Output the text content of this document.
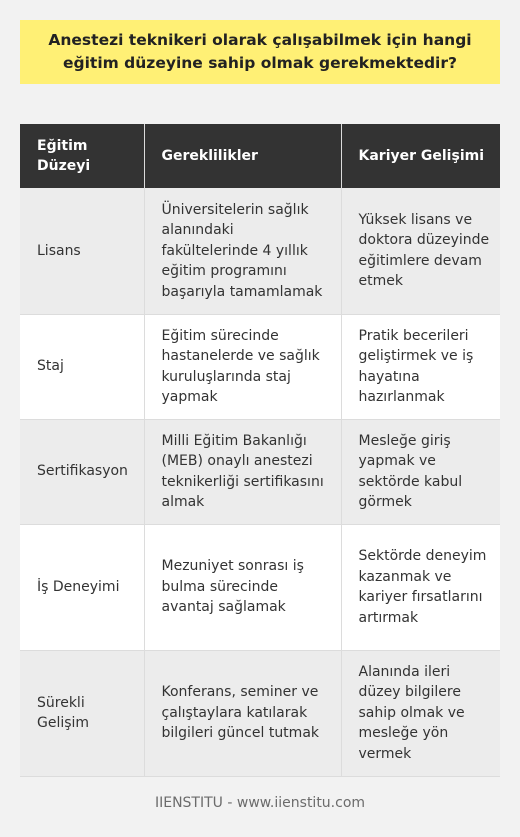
Anestezi teknikeri olarak çalışabilmek için hangi eğitim düzeyine sahip olmak gerekmektedir?
Eğitim Düzeyi	Gereklilikler	Kariyer Gelişimi
Lisans	Üniversitelerin sağlık alanındaki fakültelerinde 4 yıllık eğitim programını başarıyla tamamlamak	Yüksek lisans ve doktora düzeyinde eğitimlere devam etmek
Staj	Eğitim sürecinde hastanelerde ve sağlık kuruluşlarında staj yapmak	Pratik becerileri geliştirmek ve iş hayatına hazırlanmak
Sertifikasyon	Milli Eğitim Bakanlığı (MEB) onaylı anestezi teknikerliği sertifikasını almak	Mesleğe giriş yapmak ve sektörde kabul görmek
İş Deneyimi	Mezuniyet sonrası iş bulma sürecinde avantaj sağlamak	Sektörde deneyim kazanmak ve kariyer fırsatlarını artırmak
Sürekli Gelişim	Konferans, seminer ve çalıştaylara katılarak bilgileri güncel tutmak	Alanında ileri düzey bilgilere sahip olmak ve mesleğe yön vermek
IIENSTITU - www.iienstitu.com
